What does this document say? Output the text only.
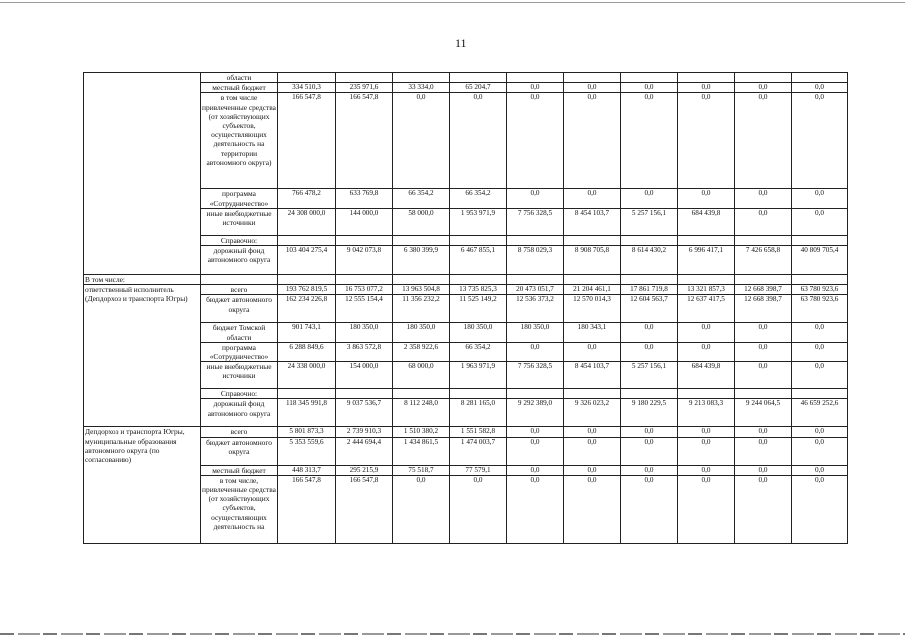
11
	области										
	местный бюджет	334 510,3	235 971,6	33 334,0	65 204,7	0,0	0,0	0,0	0,0	0,0	0,0
	в том числе привлеченные средства (от хозяйствующих субъектов, осуществляющих деятельность на территории автономного округа)	166 547,8	166 547,8	0,0	0,0	0,0	0,0	0,0	0,0	0,0	0,0
	программа «Сотрудничество»	766 478,2	633 769,8	66 354,2	66 354,2	0,0	0,0	0,0	0,0	0,0	0,0
	иные внебюджетные источники	24 308 000,0	144 000,0	58 000,0	1 953 971,9	7 756 328,5	8 454 103,7	5 257 156,1	684 439,8	0,0	0,0
	Справочно:										
	дорожный фонд автономного округа	103 404 275,4	9 042 073,8	6 380 399,9	6 467 855,1	8 758 029,3	8 908 705,8	8 614 430,2	6 996 417,1	7 426 658,8	40 809 705,4
В том числе:											
ответственный исполнитель (Депдорхоз и транспорта Югры)	всего	193 762 819,5	16 753 077,2	13 963 504,8	13 735 825,3	20 473 051,7	21 204 461,1	17 861 719,8	13 321 857,3	12 668 398,7	63 780 923,6
	бюджет автономного округа	162 234 226,8	12 555 154,4	11 356 232,2	11 525 149,2	12 536 373,2	12 570 014,3	12 604 563,7	12 637 417,5	12 668 398,7	63 780 923,6
	бюджет Томской области	901 743,1	180 350,0	180 350,0	180 350,0	180 350,0	180 343,1	0,0	0,0	0,0	0,0
	программа «Сотрудничество»	6 288 849,6	3 863 572,8	2 358 922,6	66 354,2	0,0	0,0	0,0	0,0	0,0	0,0
	иные внебюджетные источники	24 338 000,0	154 000,0	68 000,0	1 963 971,9	7 756 328,5	8 454 103,7	5 257 156,1	684 439,8	0,0	0,0
	Справочно:										
	дорожный фонд автономного округа	118 345 991,8	9 037 536,7	8 112 248,0	8 281 165,0	9 292 389,0	9 326 023,2	9 180 229,5	9 213 083,3	9 244 064,5	46 659 252,6
Депдорхоз и транспорта Югры, муниципальные образования автономного округа (по согласованию)	всего	5 801 873,3	2 739 910,3	1 510 380,2	1 551 582,8	0,0	0,0	0,0	0,0	0,0	0,0
	бюджет автономного округа	5 353 559,6	2 444 694,4	1 434 861,5	1 474 003,7	0,0	0,0	0,0	0,0	0,0	0,0
	местный бюджет	448 313,7	295 215,9	75 518,7	77 579,1	0,0	0,0	0,0	0,0	0,0	0,0
	в том числе, привлеченные средства (от хозяйствующих субъектов, осуществляющих деятельность на	166 547,8	166 547,8	0,0	0,0	0,0	0,0	0,0	0,0	0,0	0,0
